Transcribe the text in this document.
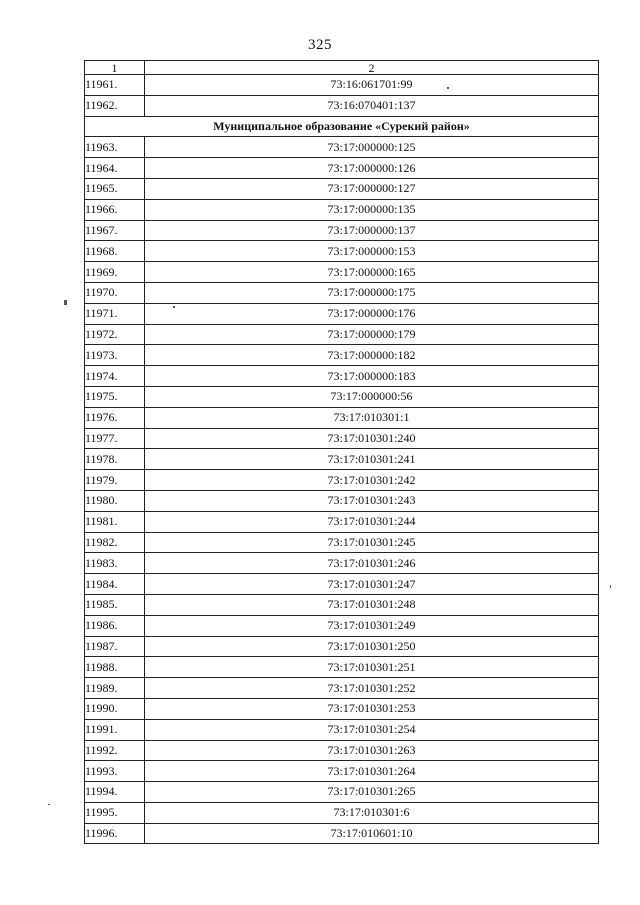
325
1	2
11961.	73:16:061701:99
11962.	73:16:070401:137
Муниципальное образование «Сурекий район»	
11963.	73:17:000000:125
11964.	73:17:000000:126
11965.	73:17:000000:127
11966.	73:17:000000:135
11967.	73:17:000000:137
11968.	73:17:000000:153
11969.	73:17:000000:165
11970.	73:17:000000:175
11971.	73:17:000000:176
11972.	73:17:000000:179
11973.	73:17:000000:182
11974.	73:17:000000:183
11975.	73:17:000000:56
11976.	73:17:010301:1
11977.	73:17:010301:240
11978.	73:17:010301:241
11979.	73:17:010301:242
11980.	73:17:010301:243
11981.	73:17:010301:244
11982.	73:17:010301:245
11983.	73:17:010301:246
11984.	73:17:010301:247
11985.	73:17:010301:248
11986.	73:17:010301:249
11987.	73:17:010301:250
11988.	73:17:010301:251
11989.	73:17:010301:252
11990.	73:17:010301:253
11991.	73:17:010301:254
11992.	73:17:010301:263
11993.	73:17:010301:264
11994.	73:17:010301:265
11995.	73:17:010301:6
11996.	73:17:010601:10
